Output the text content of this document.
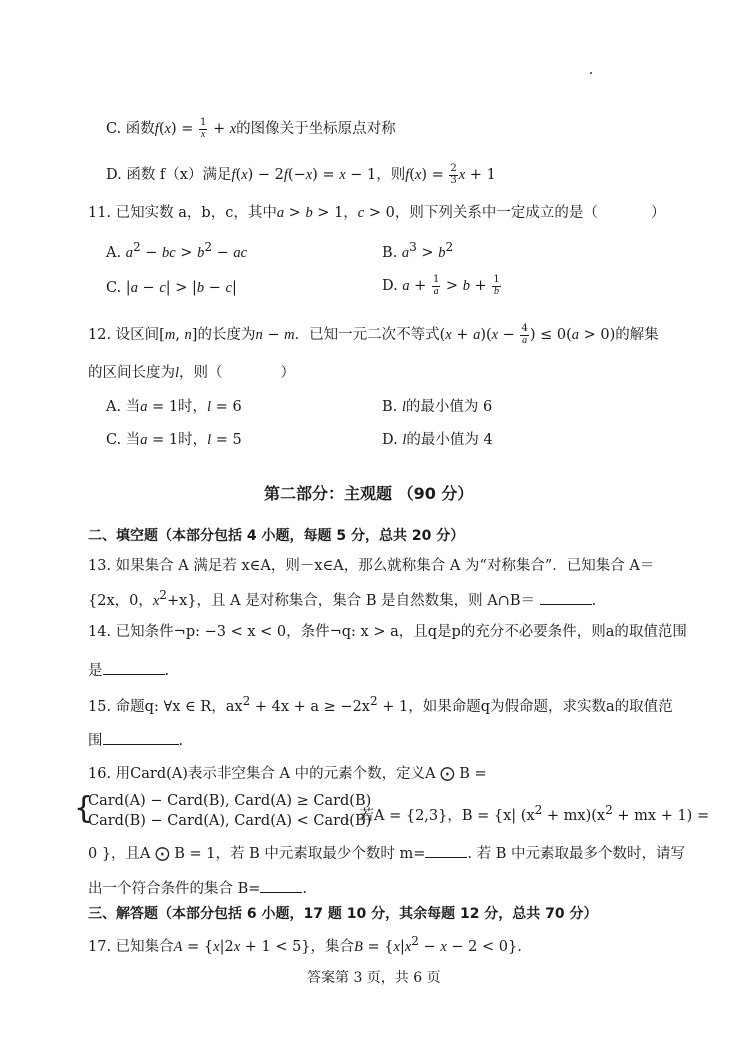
C. 函数$f(x) = \frac{1}{x} + x$的图像关于坐标原点对称
D. 函数 f（x）满足f(x) − 2f(−x) = x − 1，则$f(x) = \frac{2}{3}$ x + 1
11. 已知实数 a，b，c，其中a > b > 1，c > 0，则下列关系中一定成立的是（	）
A. $a^2$ − bc > $b^2$ − ac	B. $a^3 > b^2$
C. |a − c| > |b − c|	D. $a + \frac{1}{a} > b + \frac{1}{b}$
12. 设区间[m, n]的长度为n − m．已知一元二次不等式$(x + a)(x - \frac{4}{a}$ ) ≤ 0(a > 0)的解集
的区间长度为l，则（	）
A. 当a = 1时，l = 6	B. l的最小值为 6
C. 当a = 1时，l = 5	D. l的最小值为 4
第二部分：主观题 （90 分）
二、填空题（本部分包括 4 小题，每题 5 分，总共 20 分）
13. 如果集合 A 满足若 x∈A，则－x∈A，那么就称集合 A 为“对称集合”．已知集合 A＝
{2x，0，$x^2+x$}，且 A 是对称集合，集合 B 是自然数集，则 A∩B＝	.
14. 已知条件¬p: −3 < x < 0，条件¬q: x > a，且q是p的充分不必要条件，则a的取值范围
是	.
15. 命题q: ∀x ∈ R，$ax^2 + 4x + a \ge -2x^2 + 1$，如果命题q为假命题，求实数a的取值范
围	.
16. 用Card(A)表示非空集合 A 中的元素个数，定义A ⨀ B =
{
Card(A) − Card(B), Card(A) ≥ Card(B)
Card(B) − Card(A), Card(A) < Card(B)
，若A = {2,3}，B = {x| $(x^2 + mx)(x^2$ + mx + 1) =
0 }，且A ⨀ B = 1，若 B 中元素取最少个数时 m=	. 若 B 中元素取最多个数时，请写
出一个符合条件的集合 B=	.
三、解答题（本部分包括 6 小题，17 题 10 分，其余每题 12 分，总共 70 分）
17. 已知集合A = {x|2x + 1 < 5}，集合$B = \{x|x^2 - x - 2 < 0\}$.
答案第 3 页，共 6 页
